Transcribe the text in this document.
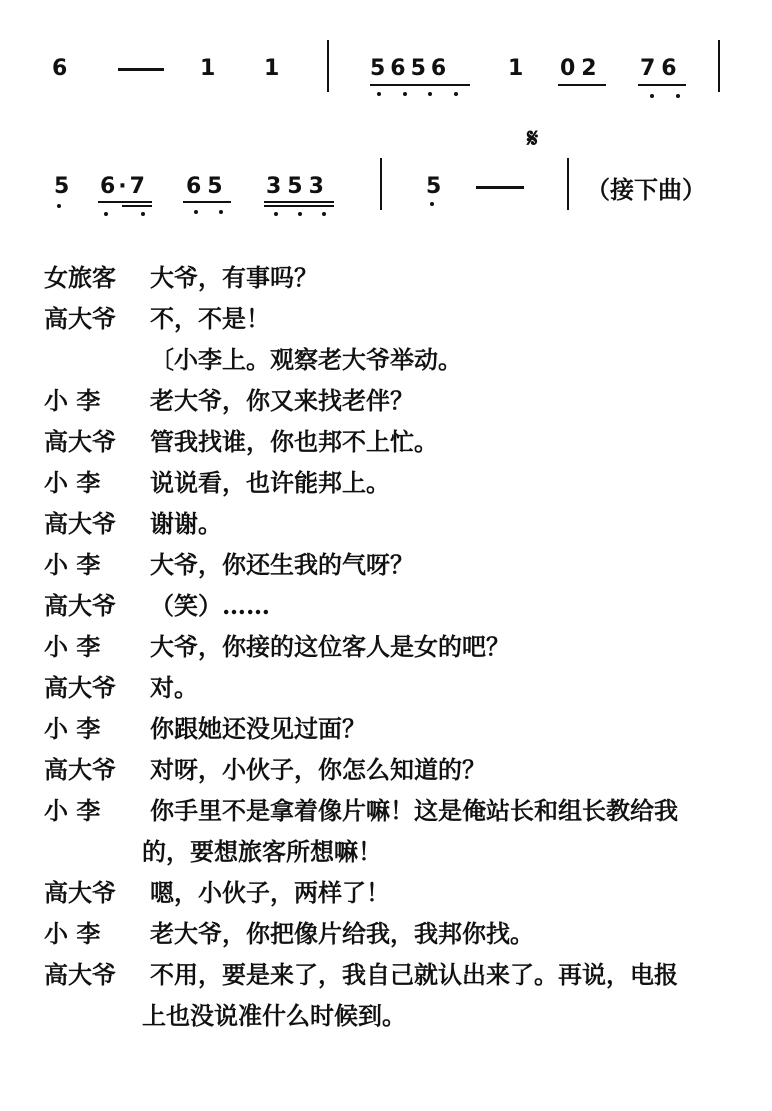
6	1 1	5656	1 02 76
𝄋
5 6·7 65 353	5	（接下曲）
女旅客	大爷，有事吗？
高大爷	不，不是！
〔小李上。观察老大爷举动。
小 李	老大爷，你又来找老伴？
高大爷	管我找谁，你也邦不上忙。
小 李	说说看，也许能邦上。
高大爷	谢谢。
小 李	大爷，你还生我的气呀？
高大爷	（笑）……
小 李	大爷，你接的这位客人是女的吧？
高大爷	对。
小 李	你跟她还没见过面？
高大爷	对呀，小伙子，你怎么知道的？
小 李	你手里不是拿着像片嘛！这是俺站长和组长教给我
的，要想旅客所想嘛！
高大爷	嗯，小伙子，两样了！
小 李	老大爷，你把像片给我，我邦你找。
高大爷	不用，要是来了，我自己就认出来了。再说，电报
上也没说准什么时候到。
